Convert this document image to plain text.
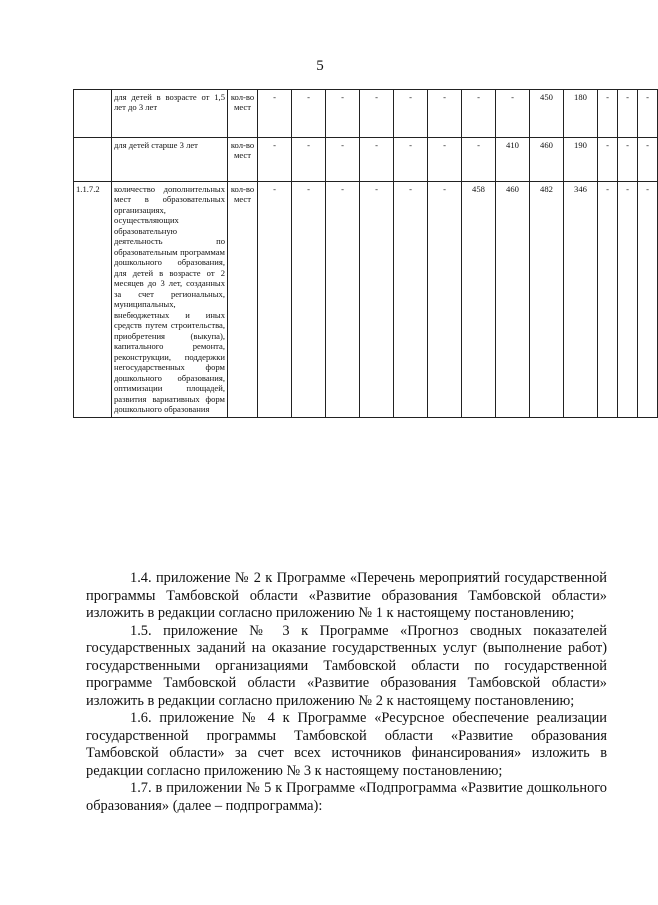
5
	для детей в возрасте от 1,5 лет до 3 лет	кол-во мест	-	-	-	-	-	-	-	-	450	180	-	-	-
	для детей старше 3 лет	кол-во мест	-	-	-	-	-	-	-	410	460	190	-	-	-
1.1.7.2	количество дополнительных мест в образовательных организациях, осуществляющих образовательную деятельность по образовательным программам дошкольного образования, для детей в возрасте от 2 месяцев до 3 лет, созданных за счет региональных, муниципальных, внебюджетных и иных средств путем строительства, приобретения (выкупа), капитального ремонта, реконструкции, поддержки негосударственных форм дошкольного образования, оптимизации площадей, развития вариативных форм дошкольного образования	кол-во мест	-	-	-	-	-	-	458	460	482	346	-	-	-

1.4. приложение № 2 к Программе «Перечень мероприятий государственной программы Тамбовской области «Развитие образования Тамбовской области» изложить в редакции согласно приложению № 1 к настоящему постановлению;

1.5. приложение № 3 к Программе «Прогноз сводных показателей государственных заданий на оказание государственных услуг (выполнение работ) государственными организациями Тамбовской области по государственной программе Тамбовской области «Развитие образования Тамбовской области» изложить в редакции согласно приложению № 2 к настоящему постановлению;

1.6. приложение № 4 к Программе «Ресурсное обеспечение реализации государственной программы Тамбовской области «Развитие образования Тамбовской области» за счет всех источников финансирования» изложить в редакции согласно приложению № 3 к настоящему постановлению;

1.7. в приложении № 5 к Программе «Подпрограмма «Развитие дошкольного образования» (далее – подпрограмма):
